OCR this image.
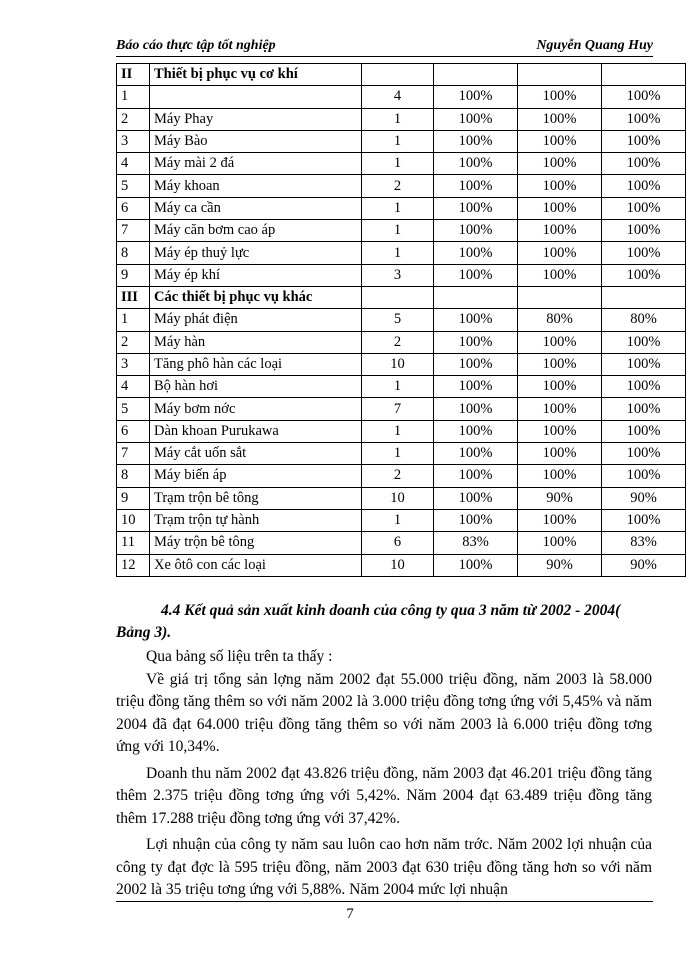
Báo cáo thực tập tốt nghiệp	Nguyễn Quang Huy
II	Thiết bị phục vụ cơ khí				
1		4	100%	100%	100%
2	Máy Phay	1	100%	100%	100%
3	Máy Bào	1	100%	100%	100%
4	Máy mài 2 đá	1	100%	100%	100%
5	Máy khoan	2	100%	100%	100%
6	Máy ca cần	1	100%	100%	100%
7	Máy căn bơm cao áp	1	100%	100%	100%
8	Máy ép thuỷ lực	1	100%	100%	100%
9	Máy ép khí	3	100%	100%	100%
III	Các thiết bị phục vụ khác				
1	Máy phát điện	5	100%	80%	80%
2	Máy hàn	2	100%	100%	100%
3	Tăng phô hàn các loại	10	100%	100%	100%
4	Bộ hàn hơi	1	100%	100%	100%
5	Máy bơm nớc	7	100%	100%	100%
6	Dàn khoan Purukawa	1	100%	100%	100%
7	Máy cắt uốn sắt	1	100%	100%	100%
8	Máy biến áp	2	100%	100%	100%
9	Trạm trộn bê tông	10	100%	90%	90%
10	Trạm trộn tự hành	1	100%	100%	100%
11	Máy trộn bê tông	6	83%	100%	83%
12	Xe ôtô con các loại	10	100%	90%	90%

4.4 Kết quả sản xuất kinh doanh của công ty qua 3 năm từ 2002 - 2004(
Bảng 3).

Qua bảng số liệu trên ta thấy :

Về giá trị tổng sản lợng năm 2002 đạt 55.000 triệu đồng, năm 2003 là 58.000 triệu đồng tăng thêm so với năm 2002 là 3.000 triệu đồng tơng ứng với 5,45% và năm 2004 đã đạt 64.000 triệu đồng tăng thêm so với năm 2003 là 6.000 triệu đồng tơng ứng với 10,34%.

Doanh thu năm 2002 đạt 43.826 triệu đồng, năm 2003 đạt 46.201 triệu đồng tăng thêm 2.375 triệu đồng tơng ứng với 5,42%. Năm 2004 đạt 63.489 triệu đồng tăng thêm 17.288 triệu đồng tơng ứng với 37,42%.

Lợi nhuận của công ty năm sau luôn cao hơn năm trớc. Năm 2002 lợi nhuận của công ty đạt đợc là 595 triệu đồng, năm 2003 đạt 630 triệu đồng tăng hơn so với năm 2002 là 35 triệu tơng ứng với 5,88%. Năm 2004 mức lợi nhuận

7
